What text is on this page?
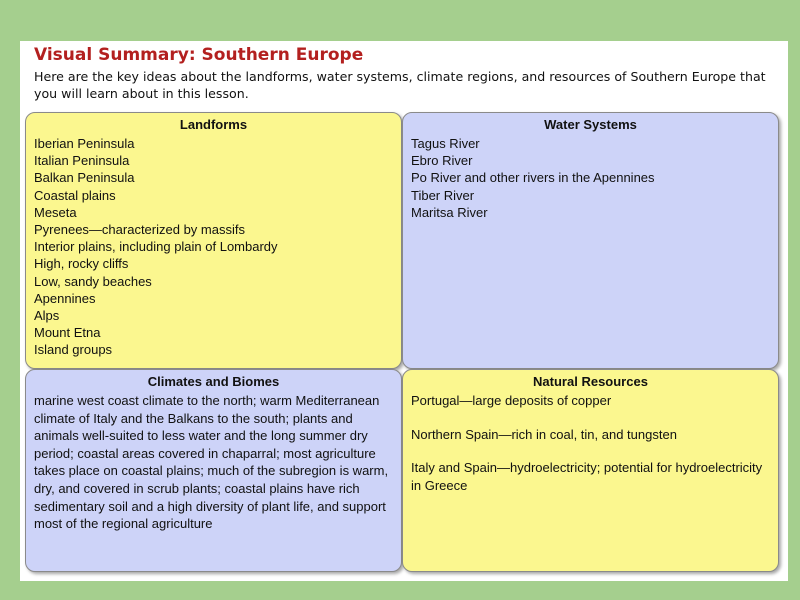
Visual Summary: Southern Europe
Here are the key ideas about the landforms, water systems, climate regions, and resources of Southern Europe that you will learn about in this lesson.
Landforms
Iberian Peninsula
Italian Peninsula
Balkan Peninsula
Coastal plains
Meseta
Pyrenees—characterized by massifs
Interior plains, including plain of Lombardy
High, rocky cliffs
Low, sandy beaches
Apennines
Alps
Mount Etna
Island groups
Water Systems
Tagus River
Ebro River
Po River and other rivers in the Apennines
Tiber River
Maritsa River
Climates and Biomes

marine west coast climate to the north; warm Mediterranean climate of Italy and the Balkans to the south; plants and animals well-suited to less water and the long summer dry period; coastal areas covered in chaparral; most agriculture takes place on coastal plains; much of the subregion is warm, dry, and covered in scrub plants; coastal plains have rich sedimentary soil and a high diversity of plant life, and support most of the regional agriculture

Natural Resources

Portugal—large deposits of copper

Northern Spain—rich in coal, tin, and tungsten

Italy and Spain—hydroelectricity; potential for hydroelectricity in Greece
